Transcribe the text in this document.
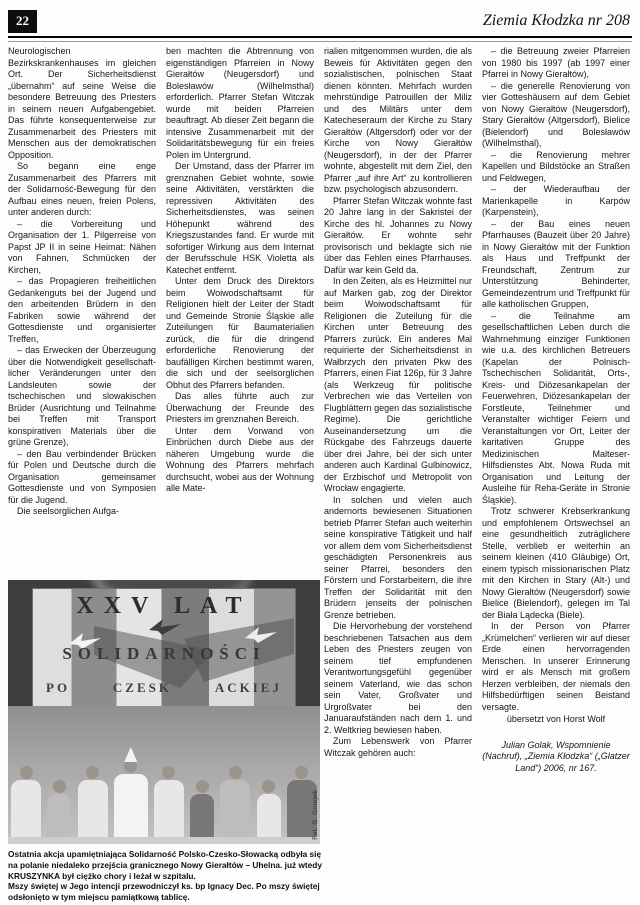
22	Ziemia Kłodzka nr 208

Neurologischen Bezirkskrankenhauses im gleichen Ort. Der Sicherheitsdienst „übernahm“ auf seine Weise die besondere Betreuung des Priesters in seinem neuen Aufgabengebiet. Das führte konsequenterweise zur Zusammenarbeit des Priesters mit Menschen aus der demokratischen Opposition.

So begann eine enge Zusammenarbeit des Pfarrers mit der Solidarność-Bewegung für den Aufbau eines neuen, freien Polens, unter anderen durch:

– die Vorbereitung und Organisation der 1. Pilgerreise von Papst JP II in seine Heimat: Nähen von Fahnen, Schmücken der Kirchen,

– das Propagieren freiheitlichen Gedankenguts bei der Jugend und den arbeitenden Brüdern in den Fabriken sowie während der Gottesdienste und organisierter Treffen,

– das Erwecken der Überzeugung über die Notwendigkeit gesellschaft-licher Veränderungen unter den Landsleuten sowie der tschechischen und slowakischen Brüder (Ausrichtung und Teilnahme bei Treffen mit Transport konspirativen Materials über die grüne Grenze),

– den Bau verbindender Brücken für Polen und Deutsche durch die Organisation gemeinsamer Gottesdienste und von Symposien für die Jugend.

Die seelsorglichen Aufga-

ben machten die Abtrennung von eigenständigen Pfarreien in Nowy Gierałtów (Neugersdorf) und Bolesławów (Wilhelmsthal) erforderlich. Pfarrer Stefan Witczak wurde mit beiden Pfarreien beauftragt. Ab dieser Zeit begann die intensive Zusammenarbeit mit der Solidaritätsbewegung für ein freies Polen im Untergrund.

Der Umstand, dass der Pfarrer im grenznahen Gebiet wohnte, sowie seine Aktivitäten, verstärkten die repressiven Aktivitäten des Sicherheitsdienstes, was seinen Höhepunkt während des Kriegszustandes fand. Er wurde mit sofortiger Wirkung aus dem Internat der Berufsschule HSK Violetta als Katechet entfernt.

Unter dem Druck des Direktors beim Woiwodschaftsamt für Religionen hielt der Leiter der Stadt und Gemeinde Stronie Śląskie alle Zuteilungen für Baumaterialien zurück, die für die dringend erforderliche Renovierung der baufälligen Kirchen bestimmt waren, die sich und der seelsorglichen Obhut des Pfarrers befanden.

Das alles führte auch zur Überwachung der Freunde des Priesters im grenznahen Bereich.

Unter dem Vorwand von Einbrüchen durch Diebe aus der näheren Umgebung wurde die Wohnung des Pfarrers mehrfach durchsucht, wobei aus der Wohnung alle Mate-

rialien mitgenommen wurden, die als Beweis für Aktivitäten gegen den sozialistischen, polnischen Staat dienen könnten. Mehrfach wurden mehrstündige Patrouillen der Miliz und des Militärs unter dem Katecheseraum der Kirche zu Stary Gierałtów (Altgersdorf) oder vor der Kirche von Nowy Gierałtów (Neugersdorf), in der der Pfarrer wohnte, abgestellt mit dem Ziel, den Pfarrer „auf ihre Art“ zu kontrollieren bzw. psychologisch abzusondern.

Pfarrer Stefan Witczak wohnte fast 20 Jahre lang in der Sakristei der Kirche des hl. Johannes zu Nowy Gierałtów. Er wohnte sehr provisorisch und beklagte sich nie über das Fehlen eines Pfarrhauses. Dafür war kein Geld da.

In den Zeiten, als es Heizmittel nur auf Marken gab, zog der Direktor beim Woiwodschaftsamt für Religionen die Zuteilung für die Kirchen unter Betreuung des Pfarrers zurück. Ein anderes Mal requirierte der Sicherheitsdienst in Wałbrzych den privaten Pkw des Pfarrers, einen Fiat 126p, für 3 Jahre (als Werkzeug für politische Verbrechen wie das Verteilen von Flugblättern gegen das sozialistische Regime). Die gerichtliche Auseinandersetzung um die Rückgabe des Fahrzeugs dauerte über drei Jahre, bei der sich unter anderen auch Kardinal Gulbinowicz, der Erzbischof und Metropolit von Wrocław engagierte.

In solchen und vielen auch andernorts bewiesenen Situationen betrieb Pfarrer Stefan auch weiterhin seine konspirative Tätigkeit und half vor allem dem vom Sicherheitsdienst geschädigten Personenkreis aus seiner Pfarrei, besonders den Förstern und Forstarbeitern, die ihre Treffen der Solidarität mit den Brüdern jenseits der polnischen Grenze betrieben.

Die Hervorhebung der vorstehend beschriebenen Tatsachen aus dem Leben des Priesters zeugen von seinem tief empfundenen Verantwortungsgefühl gegenüber seinem Vaterland, wie das schon sein Vater, Großvater und Urgroßvater bei den Januaraufständen nach dem 1. und 2. Weltkrieg bewiesen haben.

Zum Lebenswerk von Pfarrer Witczak gehören auch:

– die Betreuung zweier Pfarreien von 1980 bis 1997 (ab 1997 einer Pfarrei in Nowy Gierałtów),

– die generelle Renovierung von vier Gotteshäusern auf dem Gebiet von Nowy Gierałtów (Neugersdorf), Stary Gierałtów (Altgersdorf), Bielice (Bielendorf) und Bolesławów (Wilhelmsthal),

– die Renovierung mehrer Kapellen und Bildstöcke an Straßen und Feldwegen,

– der Wiederaufbau der Marienkapelle in Karpów (Karpenstein),

– der Bau eines neuen Pfarrhauses (Bauzeit über 20 Jahre) in Nowy Gierałtów mit der Funktion als Haus und Treffpunkt der Freundschaft, Zentrum zur Unterstützung Behinderter, Gemeindezentrum und Treffpunkt für alle katholischen Gruppen,

– die Teilnahme am gesellschaftlichen Leben durch die Wahrnehmung einziger Funktionen wie u.a. des kirchlichen Betreuers (Kapelan der Polnisch-Tschechischen Solidarität, Orts-, Kreis- und Diözesankapelan der Feuerwehren, Diözesankapelan der Forstleute, Teilnehmer und Veranstalter wichtiger Feiern und Veranstaltungen vor Ort, Leiter der karitativen Gruppe des Medizinischen Malteser-Hilfsdienstes Abt. Nowa Ruda mit Organisation und Leitung der Ausleihe für Reha-Geräte in Stronie Śląskie).

Trotz schwerer Krebserkrankung und empfohlenem Ortswechsel an eine gesundheitlich zuträglichere Stelle, verblieb er weiterhin an seinem kleinen (410 Gläubige) Ort, einem typisch missionarischen Platz mit den Kirchen in Stary (Alt-) und Nowy Gierałtów (Neugersdorf) sowie Bielice (Bielendorf), gelegen im Tal der Biała Lądecka (Biele).

In der Person von Pfarrer „Krümelchen“ verlieren wir auf dieser Erde einen hervorragenden Menschen. In unserer Erinnerung wird er als Mensch mit großem Herzen verbleiben, der niemals den Hilfsbedürftigen seinen Beistand versagte.

übersetzt von Horst Wolf

Julian Golak, Wspomnienie (Nachruf), „Ziemia Kłodzka“ („Glatzer Land“) 2006, nr 167.

XXV LAT
SOLIDARNOŚCI
PO	CZESK	ACKIEJ
Fot. G. Gniejek

Ostatnia akcja upamiętniająca Solidarność Polsko-Czesko-Słowacką odbyła się na polanie niedaleko przejścia granicznego Nowy Gierałtów – Uhelna. już wtedy KRUSZYNKA był ciężko chory i leżał w szpitalu.

Mszy świętej w Jego intencji przewodniczył ks. bp Ignacy Dec. Po mszy świętej odsłonięto w tym miejscu pamiątkową tablicę.
